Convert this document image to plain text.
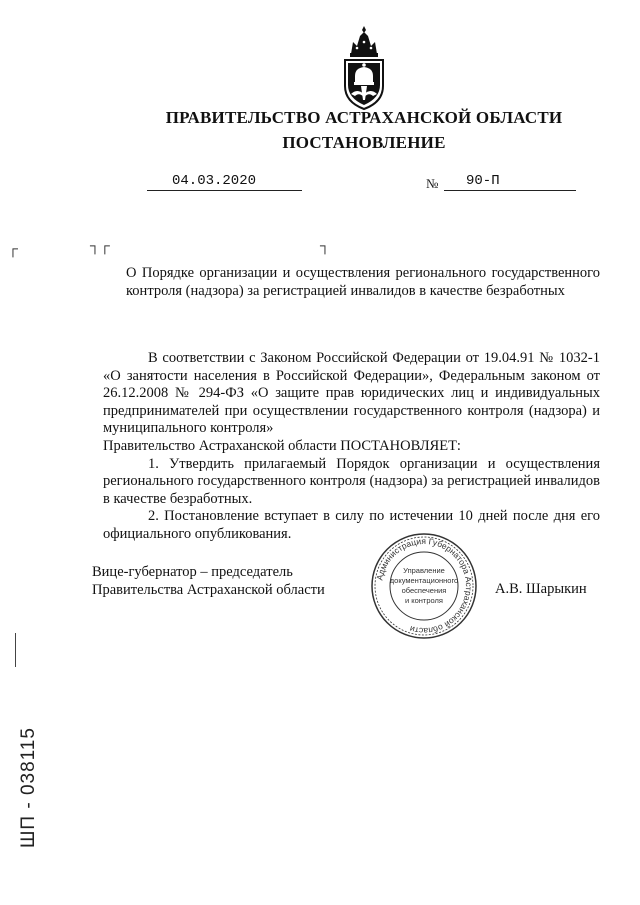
ПРАВИТЕЛЬСТВО АСТРАХАНСКОЙ ОБЛАСТИ
ПОСТАНОВЛЕНИЕ
04.03.2020	№ 90-П
┌	┐┌	┐
О Порядке организации и осуществления регионального государственного контроля (надзора) за регистрацией инвалидов в качестве безработных

В соответствии с Законом Российской Федерации от 19.04.91 № 1032-1 «О занятости населения в Российской Федерации», Федеральным законом от 26.12.2008 № 294-ФЗ «О защите прав юридических лиц и индивидуальных предпринимателей при осуществлении государственного контроля (надзора) и муниципального контроля»

Правительство Астраханской области ПОСТАНОВЛЯЕТ:

1. Утвердить прилагаемый Порядок организации и осуществления регионального государственного контроля (надзора) за регистрацией инвалидов в качестве безработных.

2. Постановление вступает в силу по истечении 10 дней после дня его официального опубликования.

Вице-губернатор – председатель
Правительства Астраханской области	А.В. Шарыкин
Администрация Губернатора Астраханской области
Управление
документационного
обеспечения
и контроля
ШП - 038115
